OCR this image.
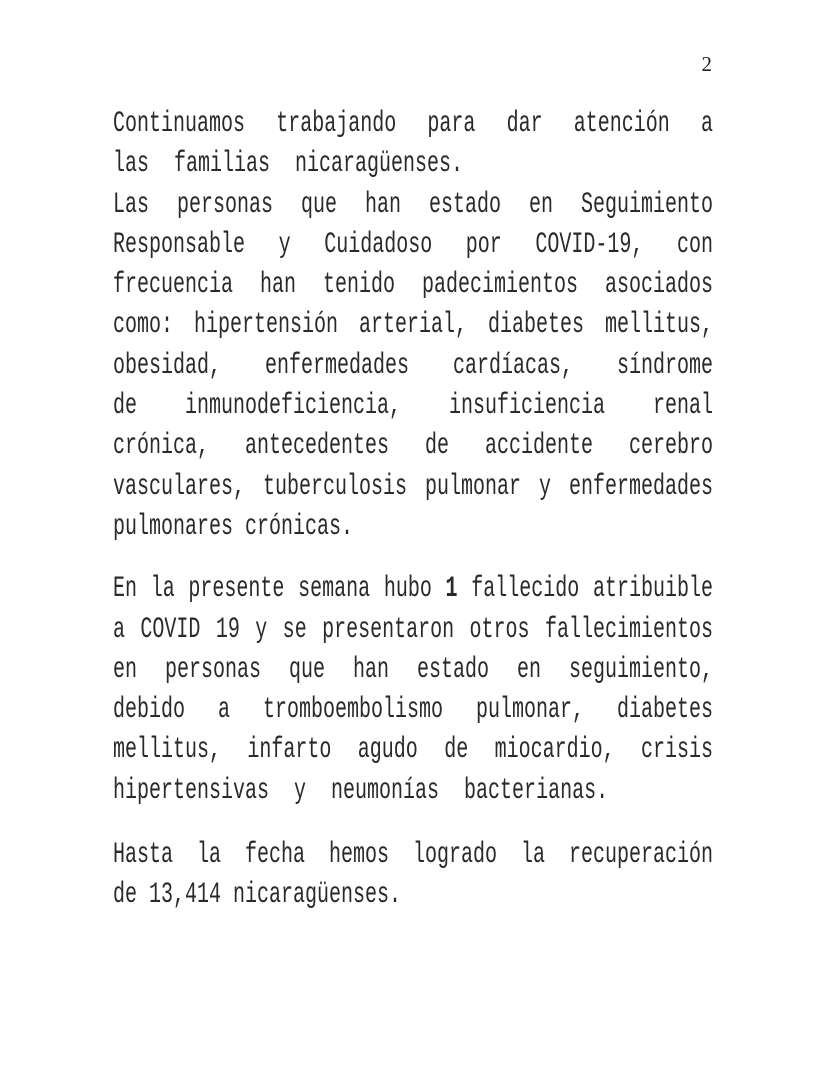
2
Continuamos trabajando para dar atención a
las familias nicaragüenses.
Las personas que han estado en Seguimiento
Responsable y Cuidadoso por COVID-19, con
frecuencia han tenido padecimientos asociados
como: hipertensión arterial, diabetes mellitus,
obesidad, enfermedades cardíacas, síndrome
de inmunodeficiencia, insuficiencia renal
crónica, antecedentes de accidente cerebro
vasculares, tuberculosis pulmonar y enfermedades
pulmonares crónicas.
En la presente semana hubo 1 fallecido atribuible
a COVID 19 y se presentaron otros fallecimientos
en personas que han estado en seguimiento,
debido a tromboembolismo pulmonar, diabetes
mellitus, infarto agudo de miocardio, crisis
hipertensivas y neumonías bacterianas.
Hasta la fecha hemos logrado la recuperación
de 13,414 nicaragüenses.
